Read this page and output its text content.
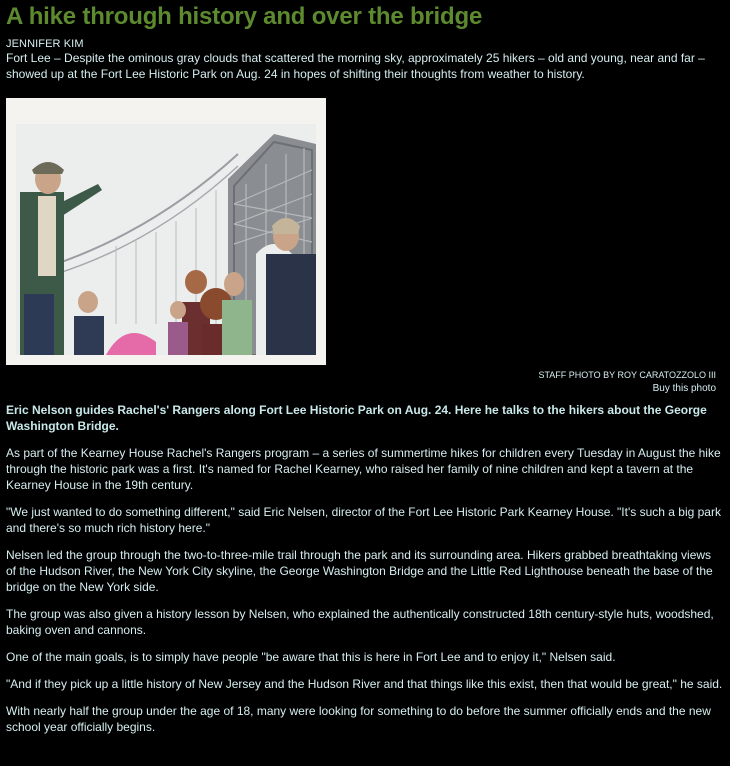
A hike through history and over the bridge
JENNIFER KIM

Fort Lee – Despite the ominous gray clouds that scattered the morning sky, approximately 25 hikers – old and young, near and far – showed up at the Fort Lee Historic Park on Aug. 24 in hopes of shifting their thoughts from weather to history.

STAFF PHOTO BY ROY CARATOZZOLO III
Buy this photo

Eric Nelson guides Rachel's' Rangers along Fort Lee Historic Park on Aug. 24. Here he talks to the hikers about the George Washington Bridge.

As part of the Kearney House Rachel's Rangers program – a series of summertime hikes for children every Tuesday in August the hike through the historic park was a first. It's named for Rachel Kearney, who raised her family of nine children and kept a tavern at the Kearney House in the 19th century.

"We just wanted to do something different," said Eric Nelsen, director of the Fort Lee Historic Park Kearney House. "It's such a big park and there's so much rich history here."

Nelsen led the group through the two-to-three-mile trail through the park and its surrounding area. Hikers grabbed breathtaking views of the Hudson River, the New York City skyline, the George Washington Bridge and the Little Red Lighthouse beneath the base of the bridge on the New York side.

The group was also given a history lesson by Nelsen, who explained the authentically constructed 18th century-style huts, woodshed, baking oven and cannons.

One of the main goals, is to simply have people "be aware that this is here in Fort Lee and to enjoy it," Nelsen said.

"And if they pick up a little history of New Jersey and the Hudson River and that things like this exist, then that would be great," he said.

With nearly half the group under the age of 18, many were looking for something to do before the summer officially ends and the new school year officially begins.
